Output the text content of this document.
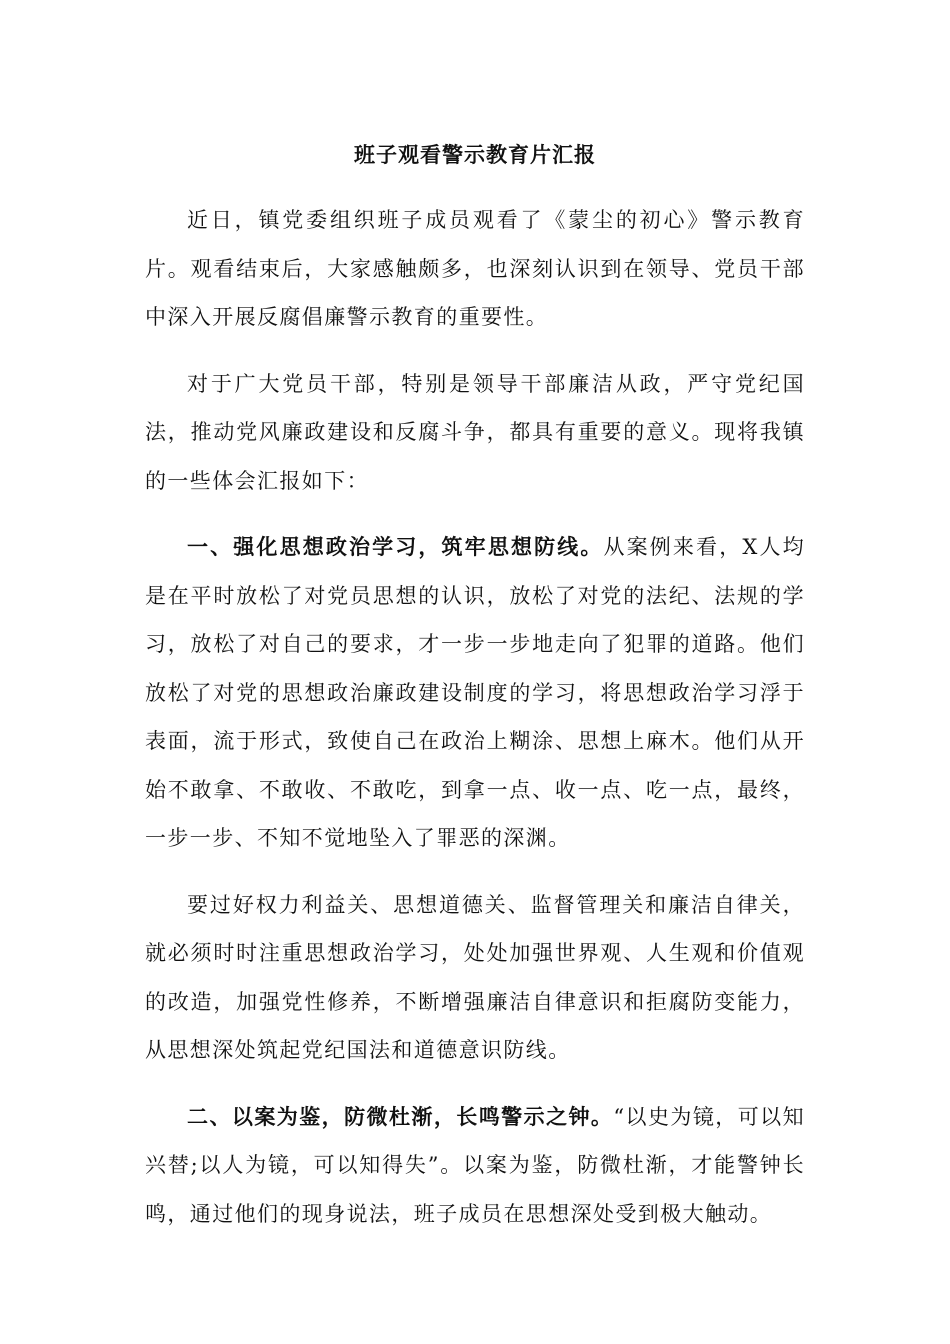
班子观看警示教育片汇报

近日，镇党委组织班子成员观看了《蒙尘的初心》警示教育片。观看结束后，大家感触颇多，也深刻认识到在领导、党员干部中深入开展反腐倡廉警示教育的重要性。

对于广大党员干部，特别是领导干部廉洁从政，严守党纪国法，推动党风廉政建设和反腐斗争，都具有重要的意义。现将我镇的一些体会汇报如下：

一、强化思想政治学习，筑牢思想防线。从案例来看，X人均是在平时放松了对党员思想的认识，放松了对党的法纪、法规的学习，放松了对自己的要求，才一步一步地走向了犯罪的道路。他们放松了对党的思想政治廉政建设制度的学习，将思想政治学习浮于表面，流于形式，致使自己在政治上糊涂、思想上麻木。他们从开始不敢拿、不敢收、不敢吃，到拿一点、收一点、吃一点，最终，一步一步、不知不觉地坠入了罪恶的深渊。

要过好权力利益关、思想道德关、监督管理关和廉洁自律关，就必须时时注重思想政治学习，处处加强世界观、人生观和价值观的改造，加强党性修养，不断增强廉洁自律意识和拒腐防变能力，从思想深处筑起党纪国法和道德意识防线。

二、以案为鉴，防微杜渐，长鸣警示之钟。“以史为镜，可以知兴替;以人为镜，可以知得失”。以案为鉴，防微杜渐，才能警钟长鸣，通过他们的现身说法，班子成员在思想深处受到极大触动。
